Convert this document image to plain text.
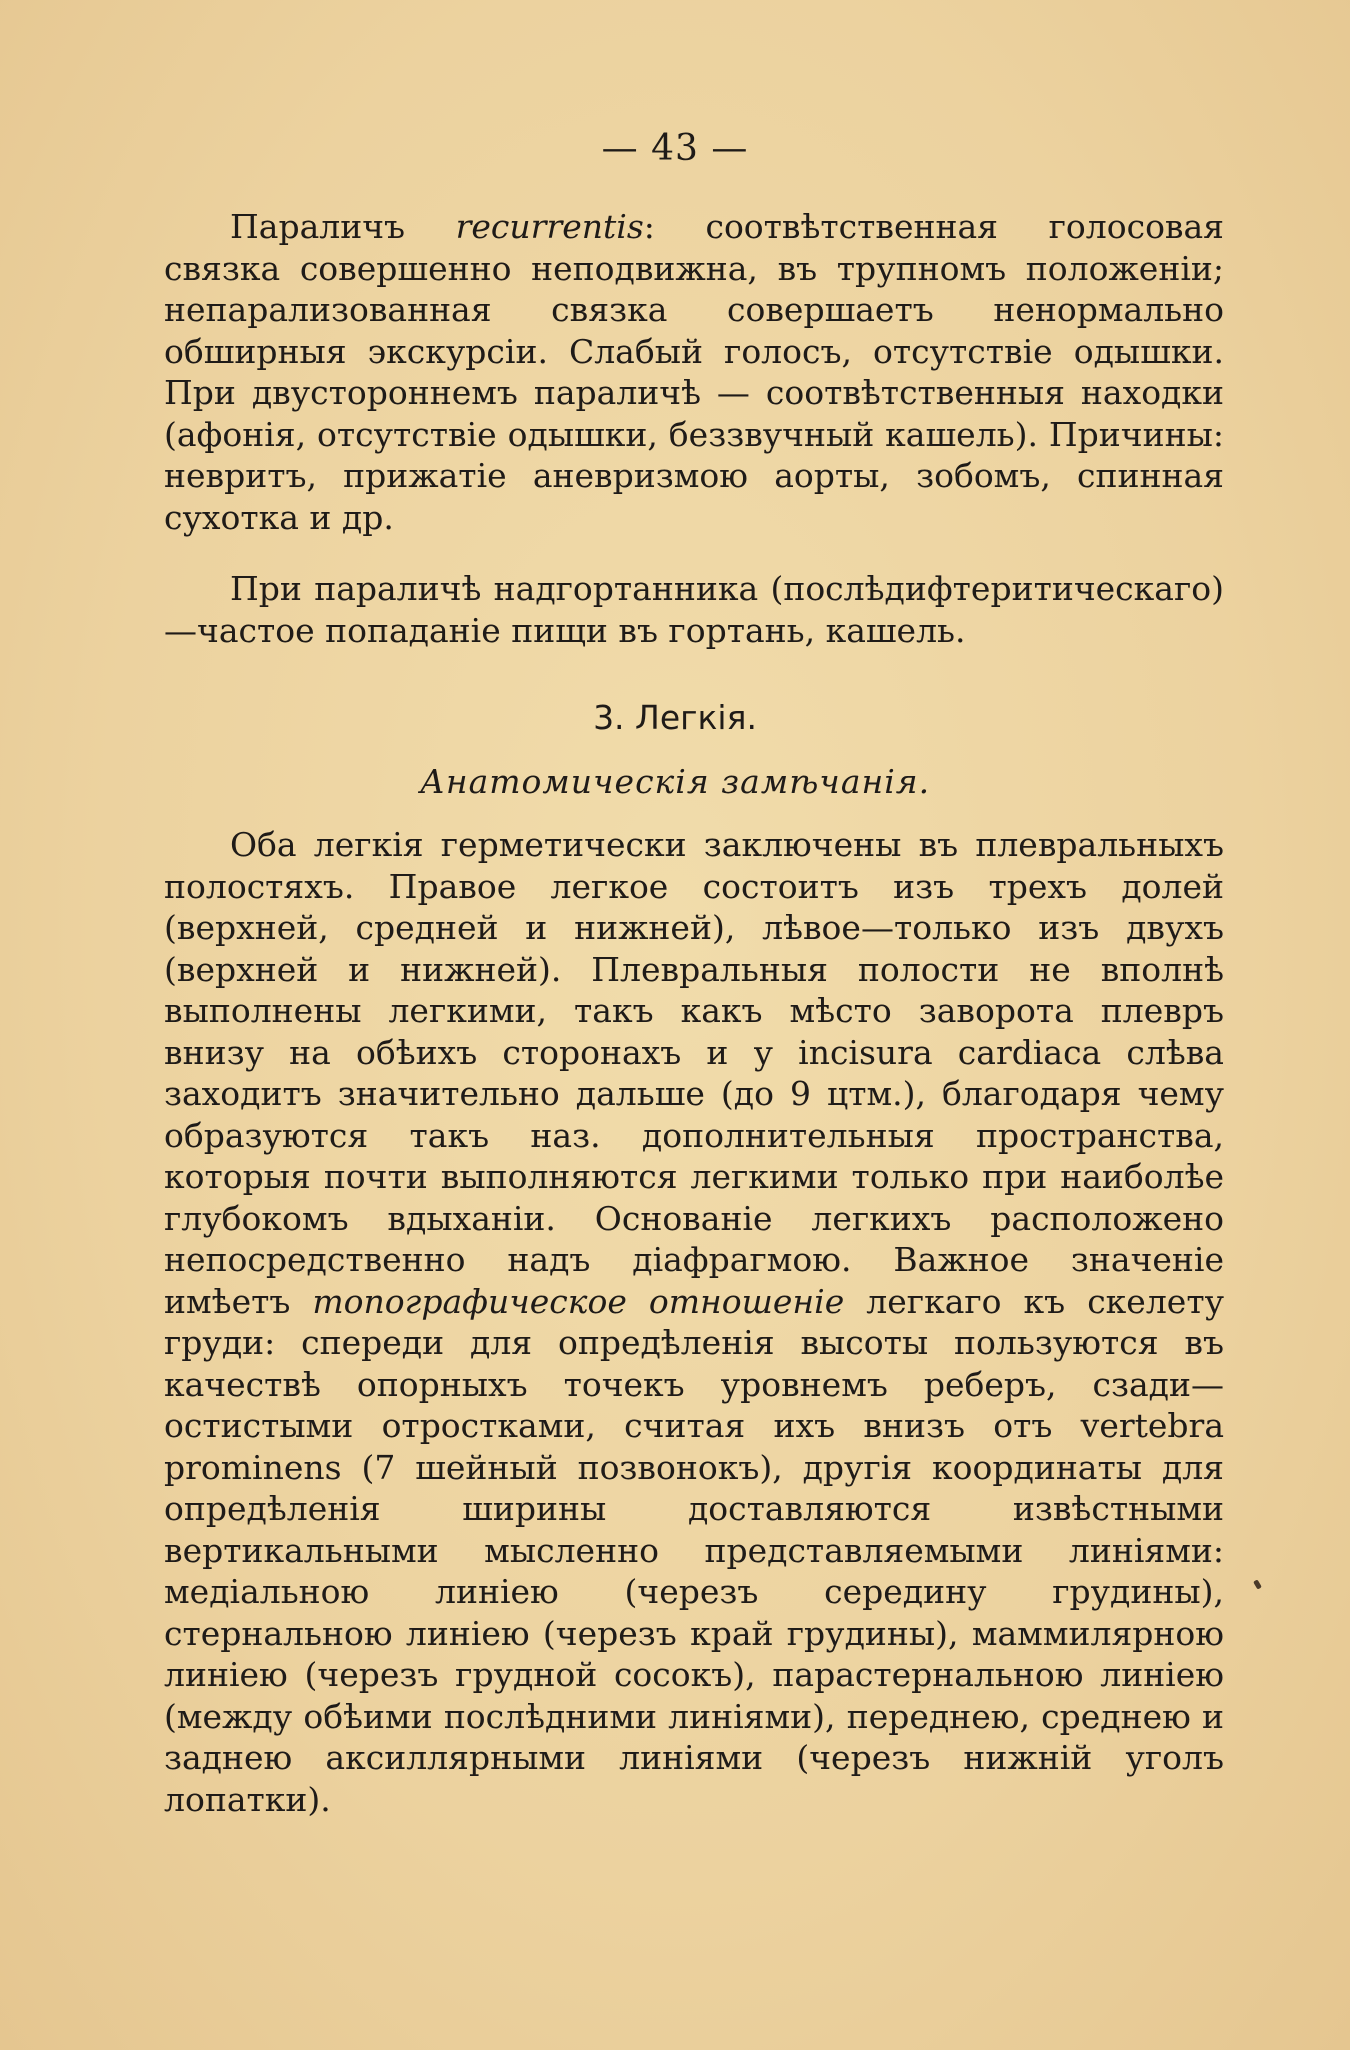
— 43 —

Параличъ recurrentis: соотвѣтственная голосовая связка совершенно неподвижна, въ трупномъ положенiи; непарализованная связка совершаетъ ненормально обширныя экскурсiи. Слабый голосъ, отсутствiе одышки. При двустороннемъ параличѣ — соотвѣтственныя находки (афонiя, отсутствiе одышки, беззвучный кашель). Причины: невритъ, прижатiе аневризмою аорты, зобомъ, спинная сухотка и др.

При параличѣ надгортанника (послѣдифтеритическаго)—частое попаданiе пищи въ гортань, кашель.

3. Легкiя.
Анатомическiя замѣчанiя.

Оба легкiя герметически заключены въ плевральныхъ полостяхъ. Правое легкое состоитъ изъ трехъ долей (верхней, средней и нижней), лѣвое—только изъ двухъ (верхней и нижней). Плевральныя полости не вполнѣ выполнены легкими, такъ какъ мѣсто заворота плевръ внизу на обѣихъ сторонахъ и у incisura cardiaca слѣва заходитъ значительно дальше (до 9 цтм.), благодаря чему образуются такъ наз. дополнительныя пространства, которыя почти выполняются легкими только при наиболѣе глубокомъ вдыханiи. Основанiе легкихъ расположено непосредственно надъ дiафрагмою. Важное значенiе имѣетъ топографическое отношенiе легкаго къ скелету груди: спереди для опредѣленiя высоты пользуются въ качествѣ опорныхъ точекъ уровнемъ реберъ, сзади—остистыми отростками, считая ихъ внизъ отъ vertebra prominens (7 шейный позвонокъ), другiя координаты для опредѣленiя ширины доставляются извѣстными вертикальными мысленно представляемыми линiями: медiальною линiею (черезъ середину грудины), стернальною линiею (черезъ край грудины), маммилярною линiею (черезъ грудной сосокъ), парастернальною линiею (между обѣими послѣдними линiями), переднею, среднею и заднею аксиллярными линiями (черезъ нижнiй уголъ лопатки).
